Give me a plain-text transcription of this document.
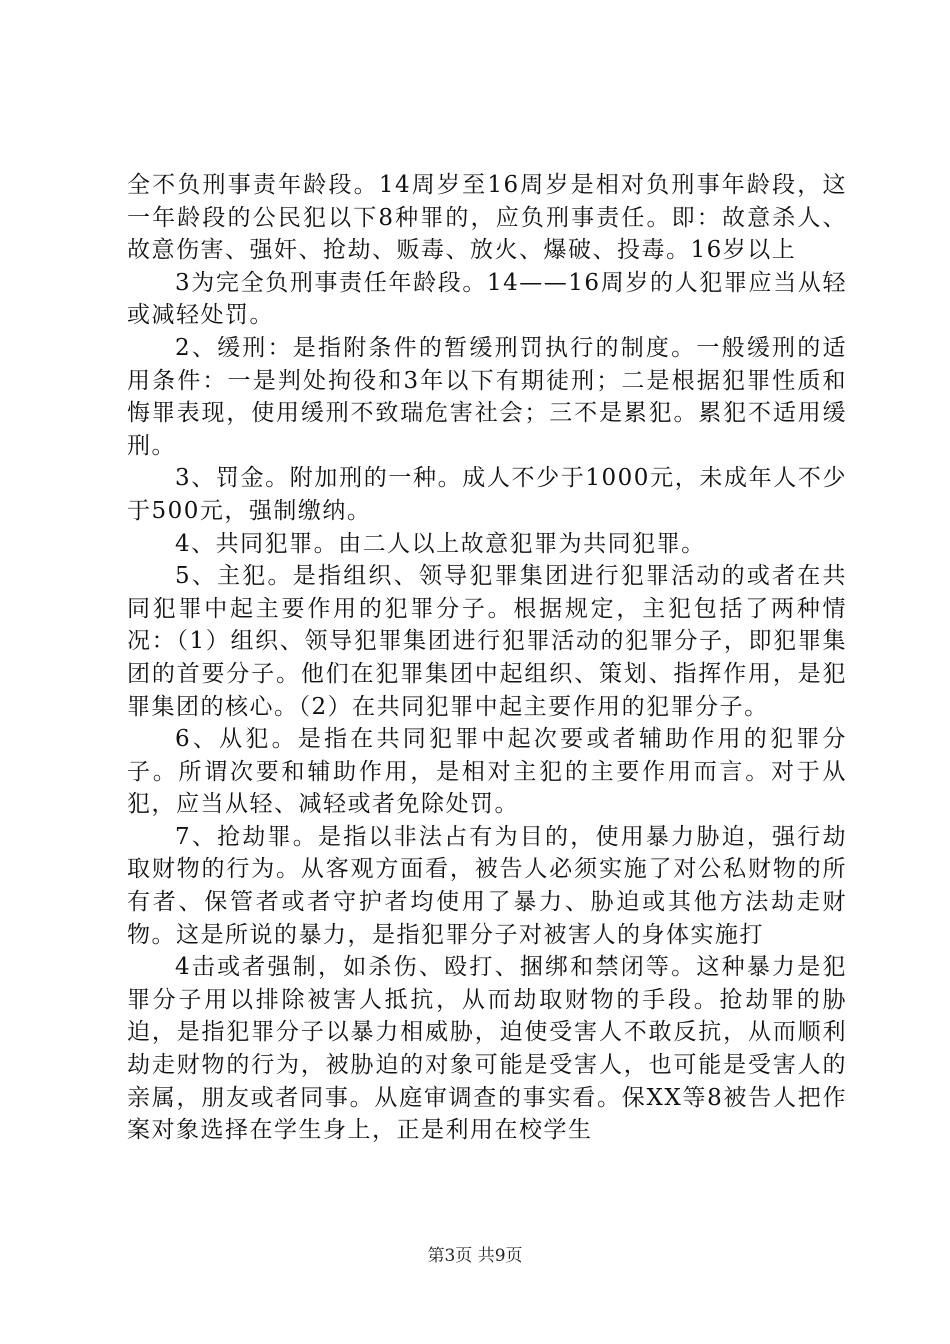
全不负刑事责年龄段。14周岁至16周岁是相对负刑事年龄段，这一年龄段的公民犯以下8种罪的，应负刑事责任。即：故意杀人、故意伤害、强奸、抢劫、贩毒、放火、爆破、投毒。16岁以上

3为完全负刑事责任年龄段。14——16周岁的人犯罪应当从轻或减轻处罚。

2、缓刑：是指附条件的暂缓刑罚执行的制度。一般缓刑的适用条件：一是判处拘役和3年以下有期徒刑；二是根据犯罪性质和悔罪表现，使用缓刑不致瑞危害社会；三不是累犯。累犯不适用缓刑。

3、罚金。附加刑的一种。成人不少于1000元，未成年人不少于500元，强制缴纳。

4、共同犯罪。由二人以上故意犯罪为共同犯罪。

5、主犯。是指组织、领导犯罪集团进行犯罪活动的或者在共同犯罪中起主要作用的犯罪分子。根据规定，主犯包括了两种情况：（1）组织、领导犯罪集团进行犯罪活动的犯罪分子，即犯罪集团的首要分子。他们在犯罪集团中起组织、策划、指挥作用，是犯罪集团的核心。（2）在共同犯罪中起主要作用的犯罪分子。

6、从犯。是指在共同犯罪中起次要或者辅助作用的犯罪分子。所谓次要和辅助作用，是相对主犯的主要作用而言。对于从犯，应当从轻、减轻或者免除处罚。

7、抢劫罪。是指以非法占有为目的，使用暴力胁迫，强行劫取财物的行为。从客观方面看，被告人必须实施了对公私财物的所有者、保管者或者守护者均使用了暴力、胁迫或其他方法劫走财物。这是所说的暴力，是指犯罪分子对被害人的身体实施打

4击或者强制，如杀伤、殴打、捆绑和禁闭等。这种暴力是犯罪分子用以排除被害人抵抗，从而劫取财物的手段。抢劫罪的胁迫，是指犯罪分子以暴力相威胁，迫使受害人不敢反抗，从而顺利劫走财物的行为，被胁迫的对象可能是受害人，也可能是受害人的亲属，朋友或者同事。从庭审调查的事实看。保XX等8被告人把作案对象选择在学生身上，正是利用在校学生

第3页 共9页
